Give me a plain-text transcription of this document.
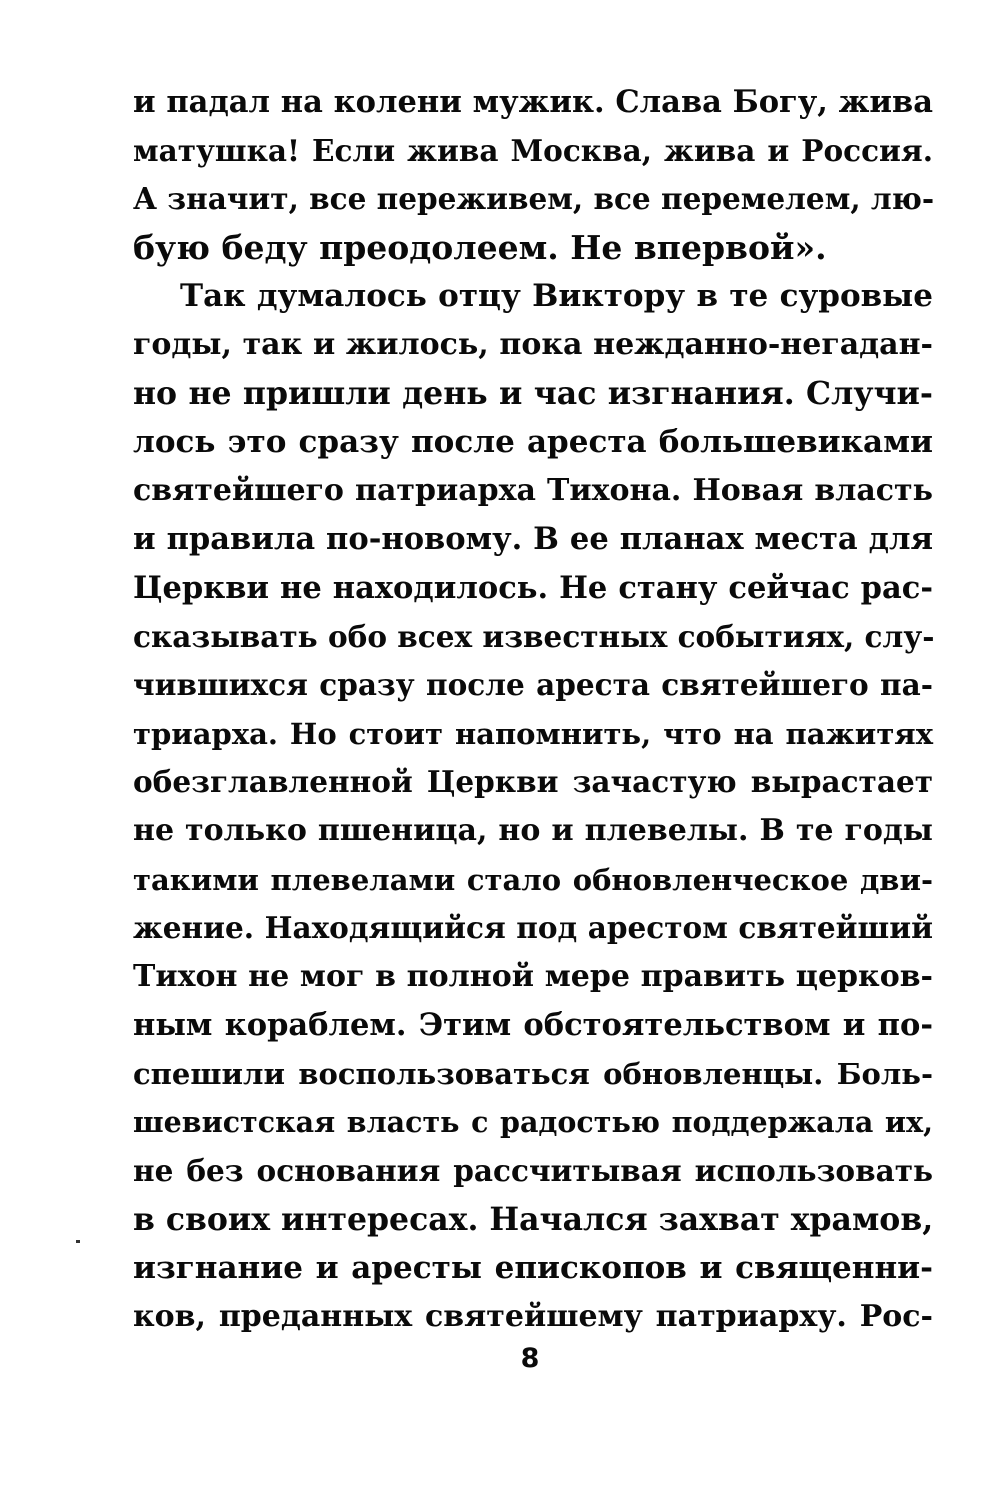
и падал на колени мужик. Слава Богу, жива
матушка! Если жива Москва, жива и Россия.
А значит, все переживем, все перемелем, лю-
бую беду преодолеем. Не впервой».
Так думалось отцу Виктору в те суровые
годы, так и жилось, пока нежданно-негадан-
но не пришли день и час изгнания. Случи-
лось это сразу после ареста большевиками
святейшего патриарха Тихона. Новая власть
и правила по-новому. В ее планах места для
Церкви не находилось. Не стану сейчас рас-
сказывать обо всех известных событиях, слу-
чившихся сразу после ареста святейшего па-
триарха. Но стоит напомнить, что на пажитях
обезглавленной Церкви зачастую вырастает
не только пшеница, но и плевелы. В те годы
такими плевелами стало обновленческое дви-
жение. Находящийся под арестом святейший
Тихон не мог в полной мере править церков-
ным кораблем. Этим обстоятельством и по-
спешили воспользоваться обновленцы. Боль-
шевистская власть с радостью поддержала их,
не без основания рассчитывая использовать
в своих интересах. Начался захват храмов,
изгнание и аресты епископов и священни-
ков, преданных святейшему патриарху. Рос-
8
